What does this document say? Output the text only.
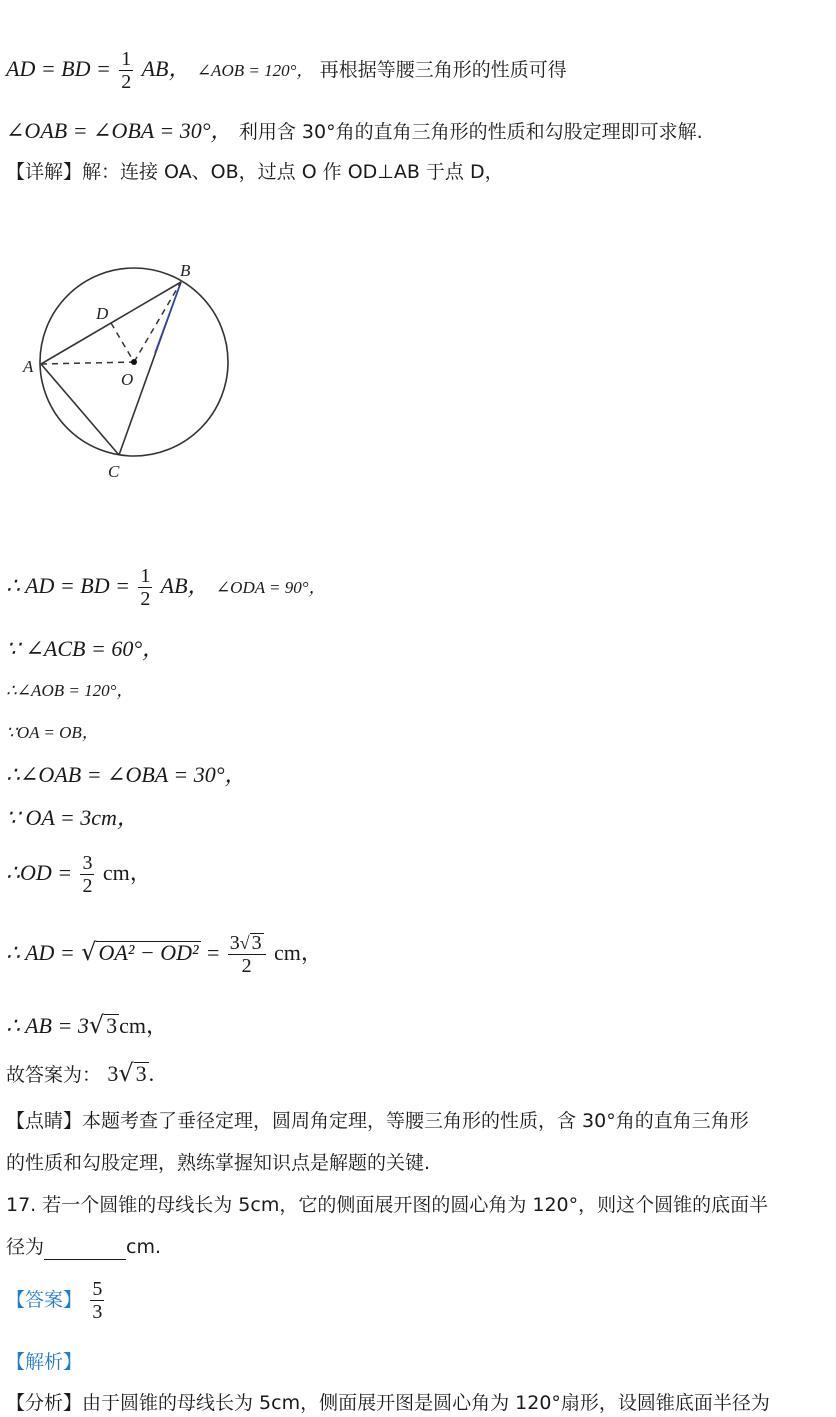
AD = BD = $\frac{1}{2}$ AB， ∠AOB = 120°， 再根据等腰三角形的性质可得
∠OAB = ∠OBA = 30°， 利用含 30°角的直角三角形的性质和勾股定理即可求解.
【详解】解：连接 OA、OB，过点 O 作 OD⊥AB 于点 D，
B
D
A
O
C
∴ AD = BD = $\frac{1}{2}$ AB， ∠ODA = 90°，
∵ ∠ACB = 60°，
∴∠AOB = 120°，
∵OA = OB，
∴∠OAB = ∠OBA = 30°，
∵ OA = 3cm，
∴OD = $\frac{3}{2}$ cm，
∴ AD = $√OA^2 - OD^2 = \frac{3√ 3}{2}$ cm，
∴ AB = 3√3cm，
故答案为： 3√3.
【点睛】本题考查了垂径定理，圆周角定理，等腰三角形的性质，含 30°角的直角三角形
的性质和勾股定理，熟练掌握知识点是解题的关键.
17. 若一个圆锥的母线长为 5cm，它的侧面展开图的圆心角为 120°，则这个圆锥的底面半
径为	cm.
【答案】 $\frac{5}{3}$
【解析】
【分析】由于圆锥的母线长为 5cm，侧面展开图是圆心角为 120°扇形，设圆锥底面半径为
